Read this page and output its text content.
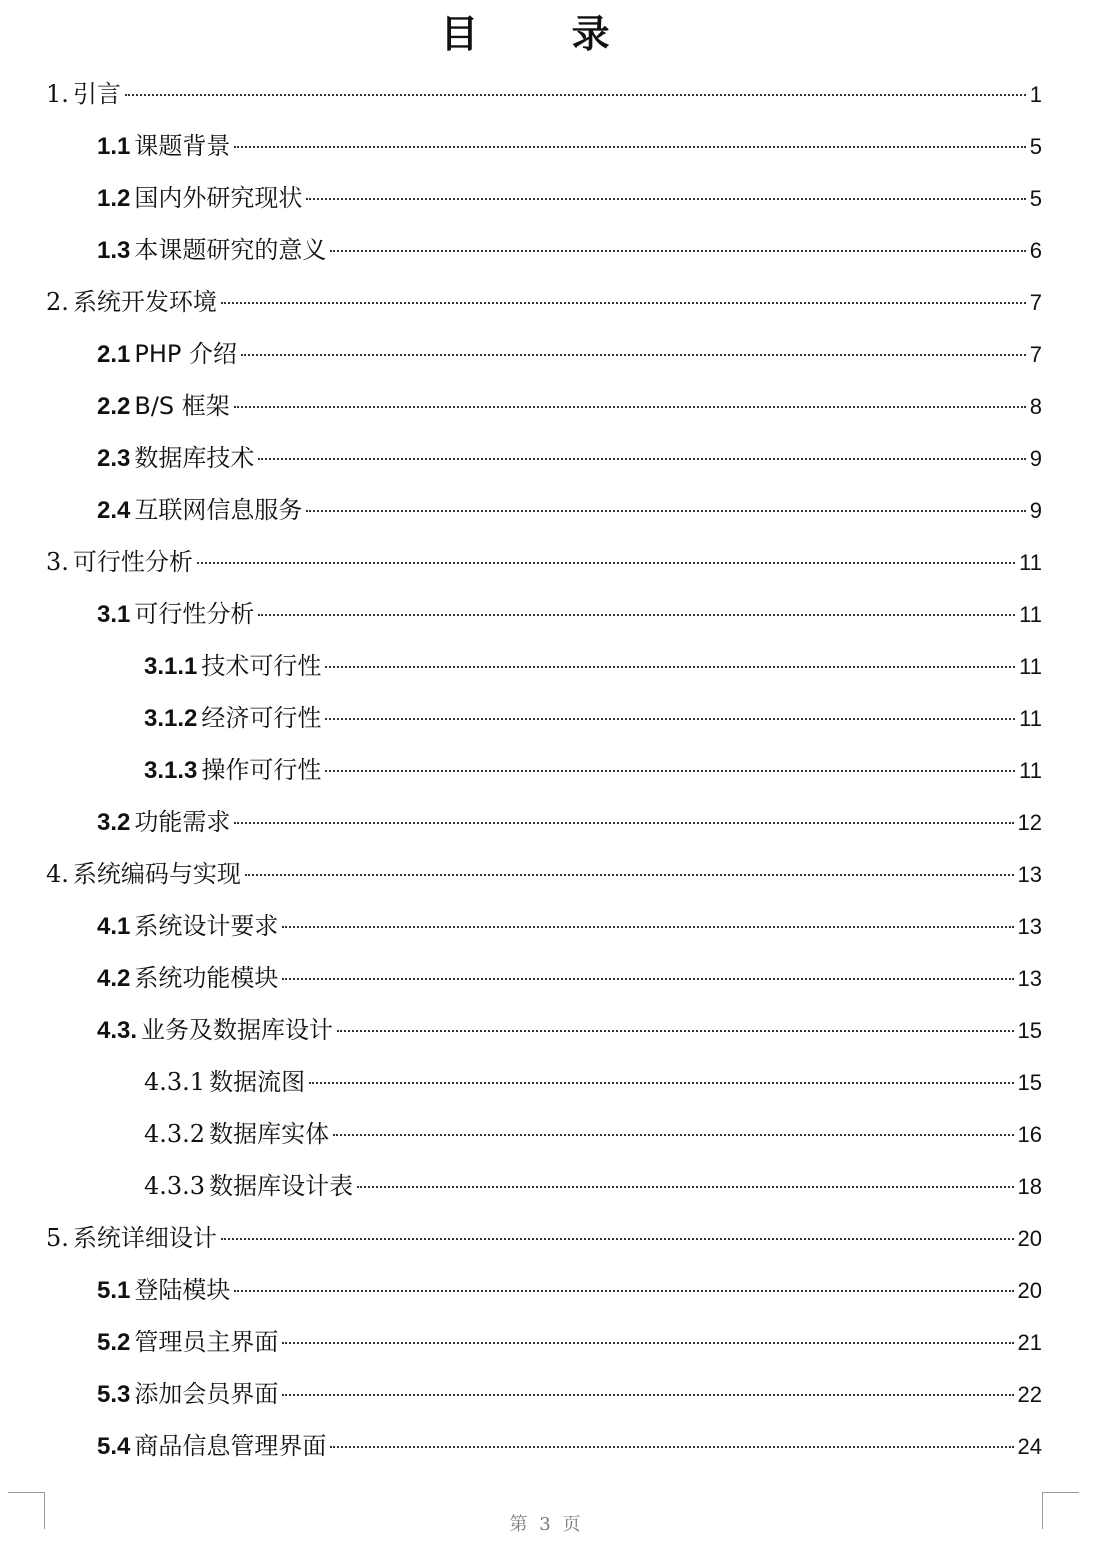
目 录
1. 引言	1
1.1 课题背景	5
1.2 国内外研究现状	5
1.3 本课题研究的意义	6
2. 系统开发环境	7
2.1 PHP 介绍	7
2.2 B/S 框架	8
2.3 数据库技术	9
2.4 互联网信息服务	9
3. 可行性分析	11
3.1 可行性分析	11
3.1.1 技术可行性	11
3.1.2 经济可行性	11
3.1.3 操作可行性	11
3.2 功能需求	12
4. 系统编码与实现	13
4.1 系统设计要求	13
4.2 系统功能模块	13
4.3. 业务及数据库设计	15
4.3.1 数据流图	15
4.3.2 数据库实体	16
4.3.3 数据库设计表	18
5. 系统详细设计	20
5.1 登陆模块	20
5.2 管理员主界面	21
5.3 添加会员界面	22
5.4 商品信息管理界面	24
第 3 页
